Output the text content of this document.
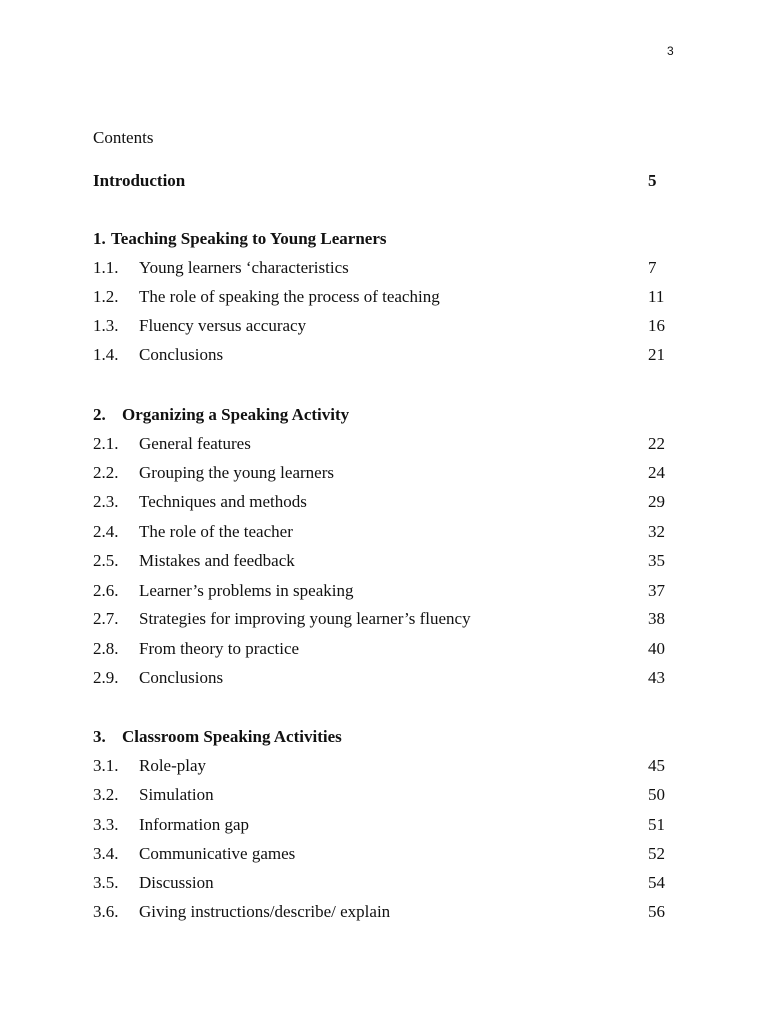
3
Contents
Introduction	5
1. Teaching Speaking to Young Learners
1.1. Young learners ‘characteristics	7
1.2. The role of speaking the process of teaching	11
1.3. Fluency versus accuracy	16
1.4. Conclusions	21
2. Organizing a Speaking Activity
2.1. General features	22
2.2. Grouping the young learners	24
2.3. Techniques and methods	29
2.4. The role of the teacher	32
2.5. Mistakes and feedback	35
2.6. Learner’s problems in speaking	37
2.7. Strategies for improving young learner’s fluency	38
2.8. From theory to practice	40
2.9. Conclusions	43
3. Classroom Speaking Activities
3.1. Role-play	45
3.2. Simulation	50
3.3. Information gap	51
3.4. Communicative games	52
3.5. Discussion	54
3.6. Giving instructions/describe/ explain	56
